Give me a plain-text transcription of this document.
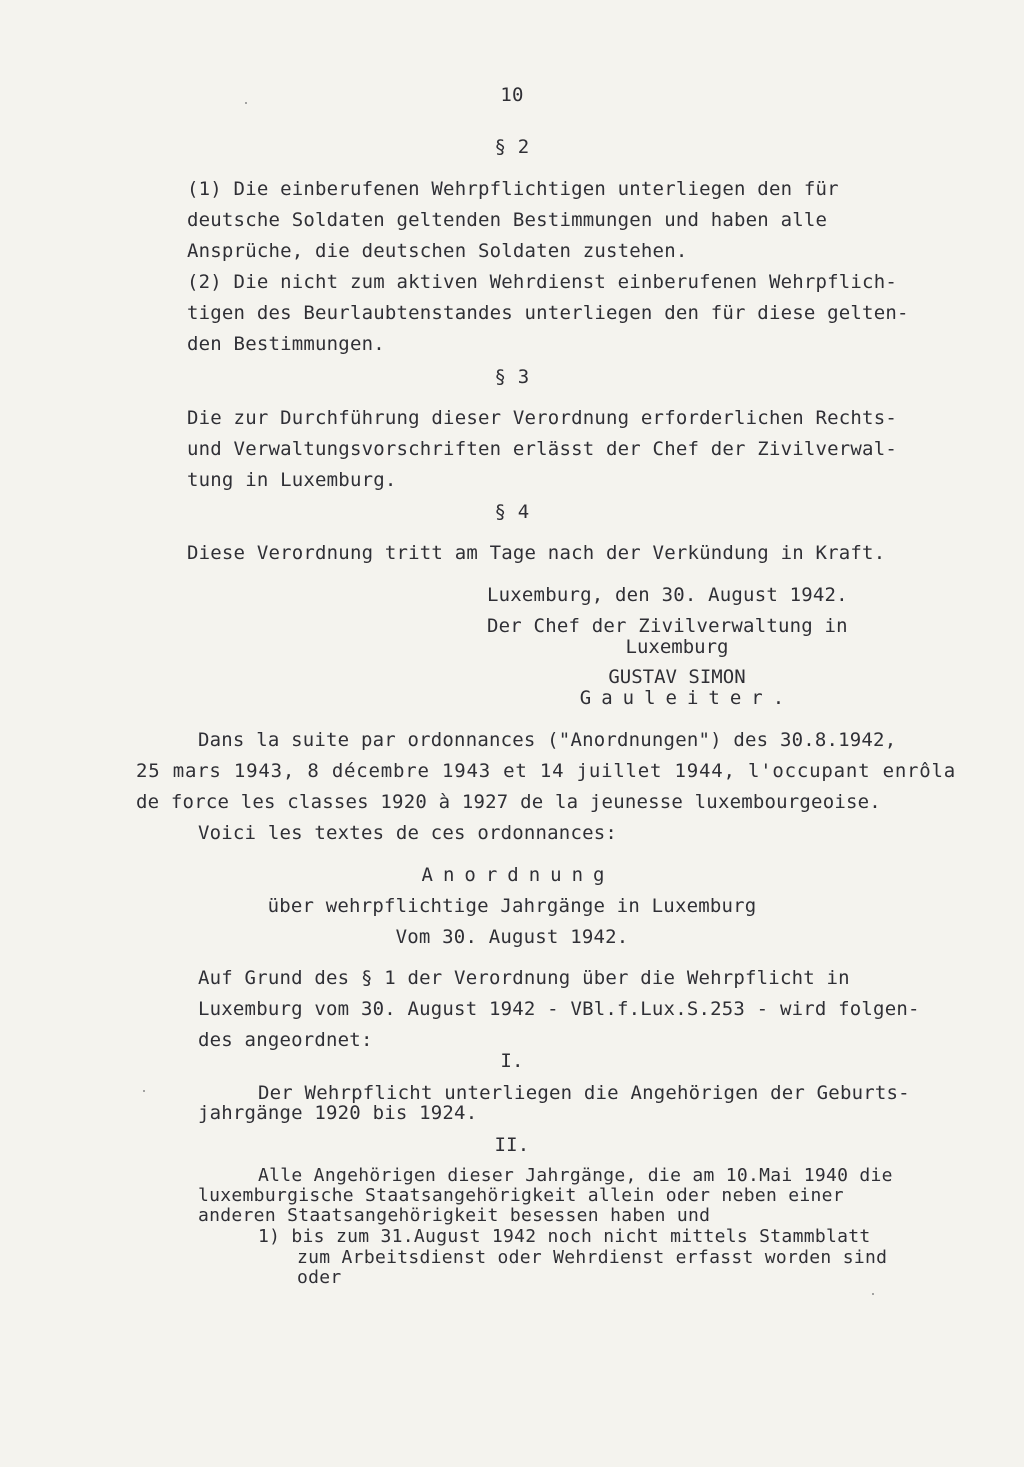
10
§ 2
(1) Die einberufenen Wehrpflichtigen unterliegen den für
deutsche Soldaten geltenden Bestimmungen und haben alle
Ansprüche, die deutschen Soldaten zustehen.
(2) Die nicht zum aktiven Wehrdienst einberufenen Wehrpflich-
tigen des Beurlaubtenstandes unterliegen den für diese gelten-
den Bestimmungen.
§ 3
Die zur Durchführung dieser Verordnung erforderlichen Rechts-
und Verwaltungsvorschriften erlässt der Chef der Zivilverwal-
tung in Luxemburg.
§ 4
Diese Verordnung tritt am Tage nach der Verkündung in Kraft.
Luxemburg, den 30. August 1942.
Der Chef der Zivilverwaltung in
Luxemburg
GUSTAV SIMON
Gauleiter.
Dans la suite par ordonnances ("Anordnungen") des 30.8.1942,
25 mars 1943, 8 décembre 1943 et 14 juillet 1944, l'occupant enrôla
de force les classes 1920 à 1927 de la jeunesse luxembourgeoise.
Voici les textes de ces ordonnances:
Anordnung
über wehrpflichtige Jahrgänge in Luxemburg
Vom 30. August 1942.
Auf Grund des § 1 der Verordnung über die Wehrpflicht in
Luxemburg vom 30. August 1942 - VBl.f.Lux.S.253 - wird folgen-
des angeordnet:
I.
Der Wehrpflicht unterliegen die Angehörigen der Geburts-
jahrgänge 1920 bis 1924.
II.
Alle Angehörigen dieser Jahrgänge, die am 10.Mai 1940 die
luxemburgische Staatsangehörigkeit allein oder neben einer
anderen Staatsangehörigkeit besessen haben und
1) bis zum 31.August 1942 noch nicht mittels Stammblatt
zum Arbeitsdienst oder Wehrdienst erfasst worden sind
oder
